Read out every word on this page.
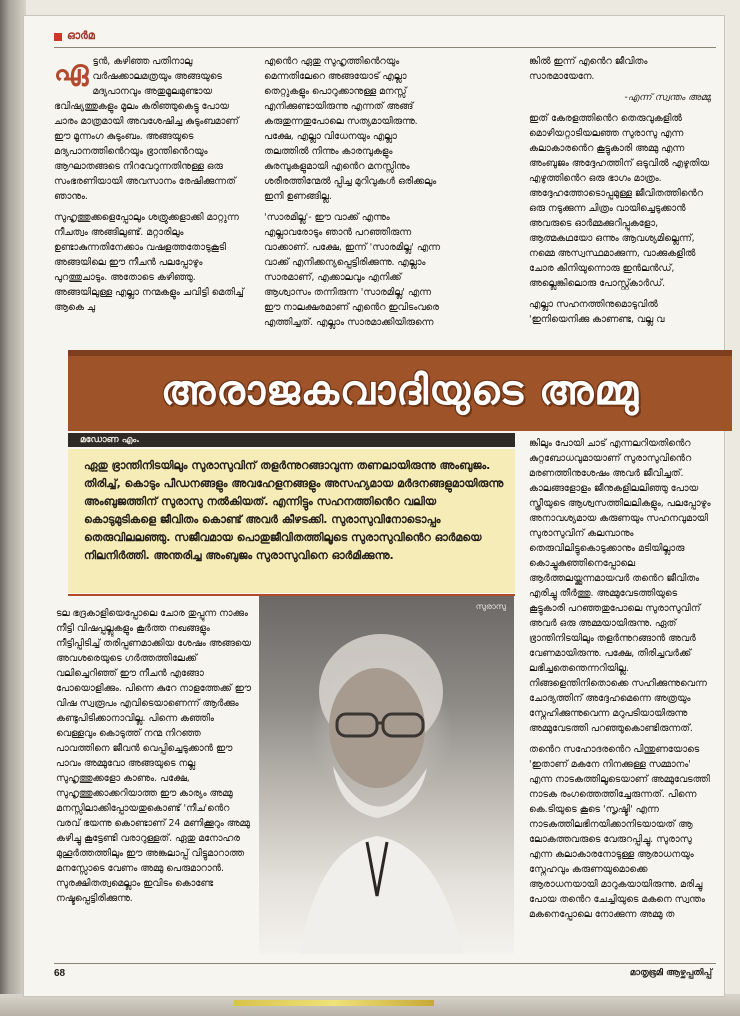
ഓർമ

ഏ ട്ടൻ, കഴിഞ്ഞ പതിനാലു വർഷക്കാലമത്രയും അങ്ങയുടെ മദ്യപാനവും അതുമൂലമുണ്ടായ ഭവിഷ്യത്തുകളും മൂലം കരിഞ്ഞുകെട്ടു പോയ ചാരം മാത്രമായി അവശേഷിച്ച കുടുംബമാണ് ഈ മൂന്നംഗ കുടുംബം. അങ്ങയുടെ മദ്യപാനത്തിൻെറയും ഭ്രാന്തിൻെറയും ആഘാതങ്ങടെ നിറവേറുന്നതിനുള്ള ഒരു സംഭരണിയായി അവസാനം രേഷിക്കുന്നത് ഞാനും.

സുഹൃത്തുക്കളെപ്പോലും ശത്രുക്കളാക്കി മാറ്റുന്ന നീചത്വം അങ്ങിലുണ്ട്. മറ്റാരിലും ഉണ്ടാകുന്നതിനേക്കാം വഷളത്തതോടുകൂടി അങ്ങയിലെ ഈ നീചൻ പലപ്പോഴും പുറത്തുചാടും. അതോടെ കഴിഞ്ഞു. അങ്ങയിലുള്ള എല്ലാ നന്മകളും ചവിട്ടി മെതിച്ച് ആകെ ചു

എൻെറ ഏതു സുഹൃത്തിൻെറയും മെന്നതിലേറെ അങ്ങയോട് എല്ലാ തെറ്റുകളും പൊറുക്കാനുള്ള മനസ്സ് എനിക്കുണ്ടായിരുന്നു എന്നത് അങ്ങ് കരുതുന്നതുപോലെ സത്യമായിരുന്നു. പക്ഷേ, എല്ലാ വിധേനയും എല്ലാ തലത്തിൽ നിന്നും കാരമ്പുകളും കുരമ്പുകളുമായി എൻെറ മനസ്സിനും ശരീരത്തിന്മേൽ പ്പിച്ച മുറിവുകൾ ഒരിക്കലും ഇനി ഉണങ്ങില്ല.

'സാരമില്ല'- ഈ വാക്ക് എന്നും എല്ലാവരോടും ഞാൻ പറഞ്ഞിരുന്ന വാക്കാണ്. പക്ഷേ, ഇന്ന് 'സാരമില്ല' എന്ന വാക്ക് എനിക്കന്യപ്പെട്ടിരിക്കുന്നു. എല്ലാം സാരമാണ്, എക്കാലവും എനിക്ക് ആശ്വാസം തന്നിരുന്ന 'സാരമില്ല' എന്ന ഈ നാലക്ഷരമാണ് എൻെറ ഇവിടംവരെ എത്തിച്ചത്. എല്ലാം സാരമാക്കിയിരുന്നെ

ങ്കിൽ ഇന്ന് എൻെറ ജീവിതം സാരമായേനേ.

-എന്ന് സ്വന്തം അമ്മു

ഇത് കേരളത്തിൻെറ തെരുവുകളിൽ മൊഴിയറ്റാടിയലഞ്ഞ സുരാസു എന്ന കലാകാരൻെറ കൂട്ടുകാരി അമ്മു എന്ന അംബുജം അദ്ദേഹത്തിന് ഒടുവിൽ എഴുതിയ എഴുത്തിൻെറ ഒരു ഭാഗം മാത്രം. അദ്ദേഹത്തോടൊപ്പമുള്ള ജീവിതത്തിൻെറ ഒരു നടുക്കുന്ന ചിത്രം വായിച്ചെടുക്കാൻ അവരുടെ ഓർമ്മക്കുറിപ്പുകളോ, ആത്മകഥയോ ഒന്നും ആവശ്യമില്ലെന്ന്, നമ്മെ അസ്വസ്ഥമാക്കുന്ന, വാക്കുകളിൽ ചോര കിനിയുന്നൊരു ഇൻലൻഡ്, അല്ലെങ്കിലൊരു പോസ്റ്റ്കാർഡ്.

എല്ലാ സഹനത്തിനുമൊടുവിൽ 'ഇനിയെനിക്കു കാണണ്ട, വല്ല വ

അരാജകവാദിയുടെ അമ്മു
മഡോണ എം.
ഏതു ഭ്രാന്തിനിടയിലും സുരാസുവിന് തളർന്നുറങ്ങാവുന്ന തണലായിരുന്നു അംബുജം. തിരിച്ച്, കൊടും പീഡനങ്ങളും അവഹേളനങ്ങളും അസഹ്യമായ മർദനങ്ങളുമായിരുന്നു അംബുജത്തിന് സുരാസു നൽകിയത്. എന്നിട്ടും സഹനത്തിൻെറ വലിയ കൊടുമുടികളെ ജീവിതം കൊണ്ട് അവർ കീഴടക്കി. സുരാസുവിനോടൊപ്പം തെരുവിലലഞ്ഞു. സജീവമായ പൊതുജീവിതത്തിലൂടെ സുരാസുവിൻെറ ഓർമയെ നിലനിർത്തി. അന്തരിച്ച അംബുജം സുരാസുവിനെ ഓർമിക്കുന്നു.

ടല ഭദ്രകാളിയെപ്പോലെ ചോര തുപ്പുന്ന നാക്കും നീട്ടി വിഷപ്പല്ലുകളും കൂർത്ത നഖങ്ങളും നീട്ടിപ്പിടിച്ച് തരിപ്പണമാക്കിയ ശേഷം അങ്ങയെ അവശരെയുടെ ഗർത്തത്തിലേക്ക് വലിച്ചെറിഞ്ഞ് ഈ നീചൻ എങ്ങോ പോയൊളിക്കും. പിന്നെ കുറേ നാളത്തേക്ക് ഈ വിഷ സ്വരൂപം എവിടെയാണെന്ന് ആർക്കും കണ്ടുപിടിക്കാനാവില്ല. പിന്നെ കഞ്ഞിം വെള്ളവും കൊടുത്ത് നന്മ നിറഞ്ഞ പാവത്തിനെ ജീവൻ വെപ്പിച്ചെടുക്കാൻ ഈ പാവം അമ്മുവോ അങ്ങയുടെ നല്ല സുഹൃത്തുക്കളോ കാണും. പക്ഷേ, സുഹൃത്തുക്കാക്കറിയാത്ത ഈ കാര്യം അമ്മു മനസ്സിലാക്കിപ്പോയതുകൊണ്ട് 'നീച'ൻെറ വരവ് ഭയന്നു കൊണ്ടാണ് 24 മണിക്കൂറും അമ്മു കഴിച്ചു കൂട്ടേണ്ടി വരാറുള്ളത്. ഏതു മനോഹര മുഹൂർത്തത്തിലും ഈ അങ്കലാപ്പ് വിട്ടുമാറാത്ത മനസ്സോടെ വേണം അമ്മു പെരുമാറാൻ. സുരക്ഷിതത്വമെല്ലാം ഇവിടം കൊണ്ടേ നഷ്ടപ്പെട്ടിരിക്കുന്നു.

സുരാസു

ങ്കിലും പോയി ചാട് എന്നലറിയതിൻെറ കുറ്റബോധവുമായാണ് സുരാസുവിൻെറ മരണത്തിനുശേഷം അവർ ജീവിച്ചത്. കാലങ്ങളോളം ജീനുകളിലലിഞ്ഞു പോയ സ്ത്രീയുടെ ആശ്വസത്തിലലികളും, പലപ്പോഴും അനാവശ്യമായ കരുണയും സഹനവുമായി സുരാസുവിന് കലമ്പാനും തെരുവിലിട്ടുകൊടുക്കാനും മടിയില്ലാരു കൊച്ചുകുഞ്ഞിനെപ്പോലെ ആർത്തലയ്ക്കുന്നമായവർ തൻെറ ജീവിതം എരിച്ചു തീർത്തു. അമ്മുവേടത്തിയുടെ കൂട്ടുകാരി പറഞ്ഞതുപോലെ സുരാസുവിന് അവർ ഒരു അമ്മയായിരുന്നു. ഏത് ഭ്രാന്തിനിടയിലും തളർന്നുറങ്ങാൻ അവർ വേണമായിരുന്നു. പക്ഷേ, തിരിച്ചവർക്ക് ലഭിച്ചതെന്തെന്നറിയില്ല. നിങ്ങളെന്തിനിതൊക്കെ സഹിക്കുന്നുവെന്ന ചോദ്യത്തിന് അദ്ദേഹമെന്നെ അത്രയും സ്നേഹിക്കുന്നുവെന്ന മറുപടിയായിരുന്നു അമ്മുവേടത്തി പറഞ്ഞുകൊണ്ടിരുന്നത്.

തൻെറ സഹോദരൻെറ പിന്തുണയോടെ 'ഇതാണ് മകനേ നിനക്കുള്ള സമ്മാനം' എന്ന നാടകത്തിലൂടെയാണ് അമ്മുവേടത്തി നാടക രംഗത്തെത്തിച്ചേരുന്നത്. പിന്നെ കെ.ടിയുടെ കൂടെ 'സൃഷ്ടി' എന്ന നാടകത്തിലഭിനയിക്കാനിടയായത് ആ ലോകത്തവരുടെ വേരുറപ്പിച്ചു. സുരാസു എന്ന കലാകാരനോടുള്ള ആരാധനയും സ്നേഹവും കരുണയുമൊക്കെ ആരാധനയായി മാറുകയായിരുന്നു. മരിച്ചു പോയ തൻെറ ചേച്ചിയുടെ മകനെ സ്വന്തം മകനെപ്പോലെ നോക്കുന്ന അമ്മു ത

68	മാതൃഭൂമി ആഴ്ചപ്പതിപ്പ്
